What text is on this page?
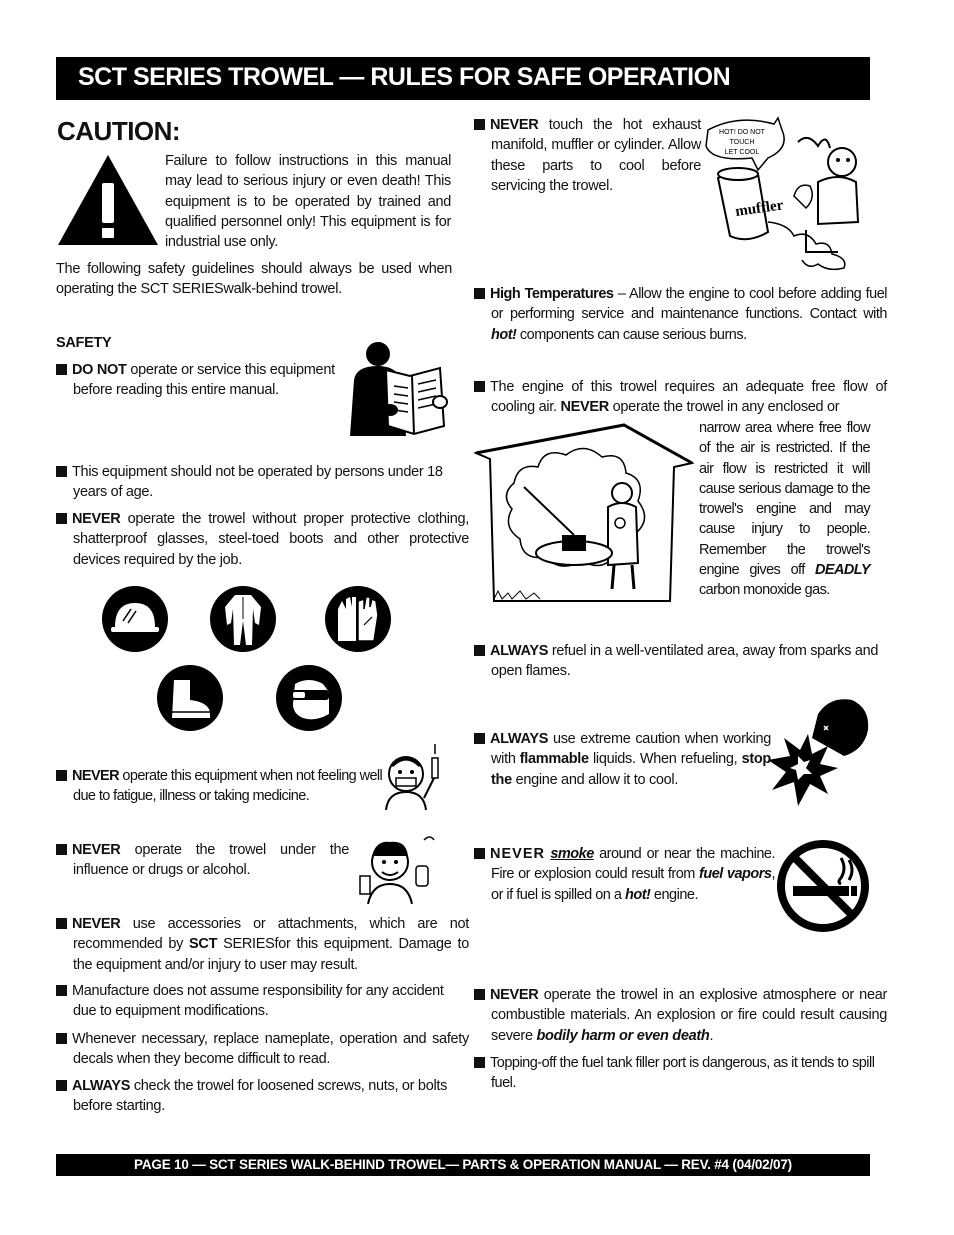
SCT SERIES TROWEL — RULES FOR SAFE OPERATION
CAUTION:
Failure to follow instructions in this manual may lead to serious injury or even death! This equipment is to be operated by trained and qualified personnel only! This equipment is for industrial use only.
The following safety guidelines should always be used when operating the SCT SERIESwalk-behind trowel.
SAFETY
DO NOT operate or service this equipment before reading this entire manual.
This equipment should not be operated by persons under 18 years of age.
NEVER operate the trowel without proper protective clothing, shatterproof glasses, steel-toed boots and other protective devices required by the job.
NEVER operate this equipment when not feeling well due to fatigue, illness or taking medicine.
NEVER operate the trowel under the influence or drugs or alcohol.
NEVER use accessories or attachments, which are not recommended by SCT SERIESfor this equipment. Damage to the equipment and/or injury to user may result.
Manufacture does not assume responsibility for any accident due to equipment modifications.
Whenever necessary, replace nameplate, operation and safety decals when they become difficult to read.
ALWAYS check the trowel for loosened screws, nuts, or bolts before starting.
NEVER touch the hot exhaust manifold, muffler or cylinder. Allow these parts to cool before servicing the trowel.
HOT! DO NOT
TOUCH
LET COOL
muffler
High Temperatures – Allow the engine to cool before adding fuel or performing service and maintenance functions. Contact with hot! components can cause serious burns.
The engine of this trowel requires an adequate free flow of cooling air. NEVER operate the trowel in any enclosed or
narrow area where free flow of the air is restricted. If the air flow is restricted it will cause serious damage to the trowel's engine and may cause injury to people. Remember the trowel's engine gives off DEADLY carbon monoxide gas.
ALWAYS refuel in a well-ventilated area, away from sparks and open flames.
ALWAYS use extreme caution when working with flammable liquids. When refueling, stop the engine and allow it to cool.
NEVER smoke around or near the machine. Fire or explosion could result from fuel vapors, or if fuel is spilled on a hot! engine.
NEVER operate the trowel in an explosive atmosphere or near combustible materials. An explosion or fire could result causing severe bodily harm or even death.
Topping-off the fuel tank filler port is dangerous, as it tends to spill fuel.
PAGE 10 — SCT SERIES WALK-BEHIND TROWEL— PARTS & OPERATION MANUAL — REV. #4 (04/02/07)
